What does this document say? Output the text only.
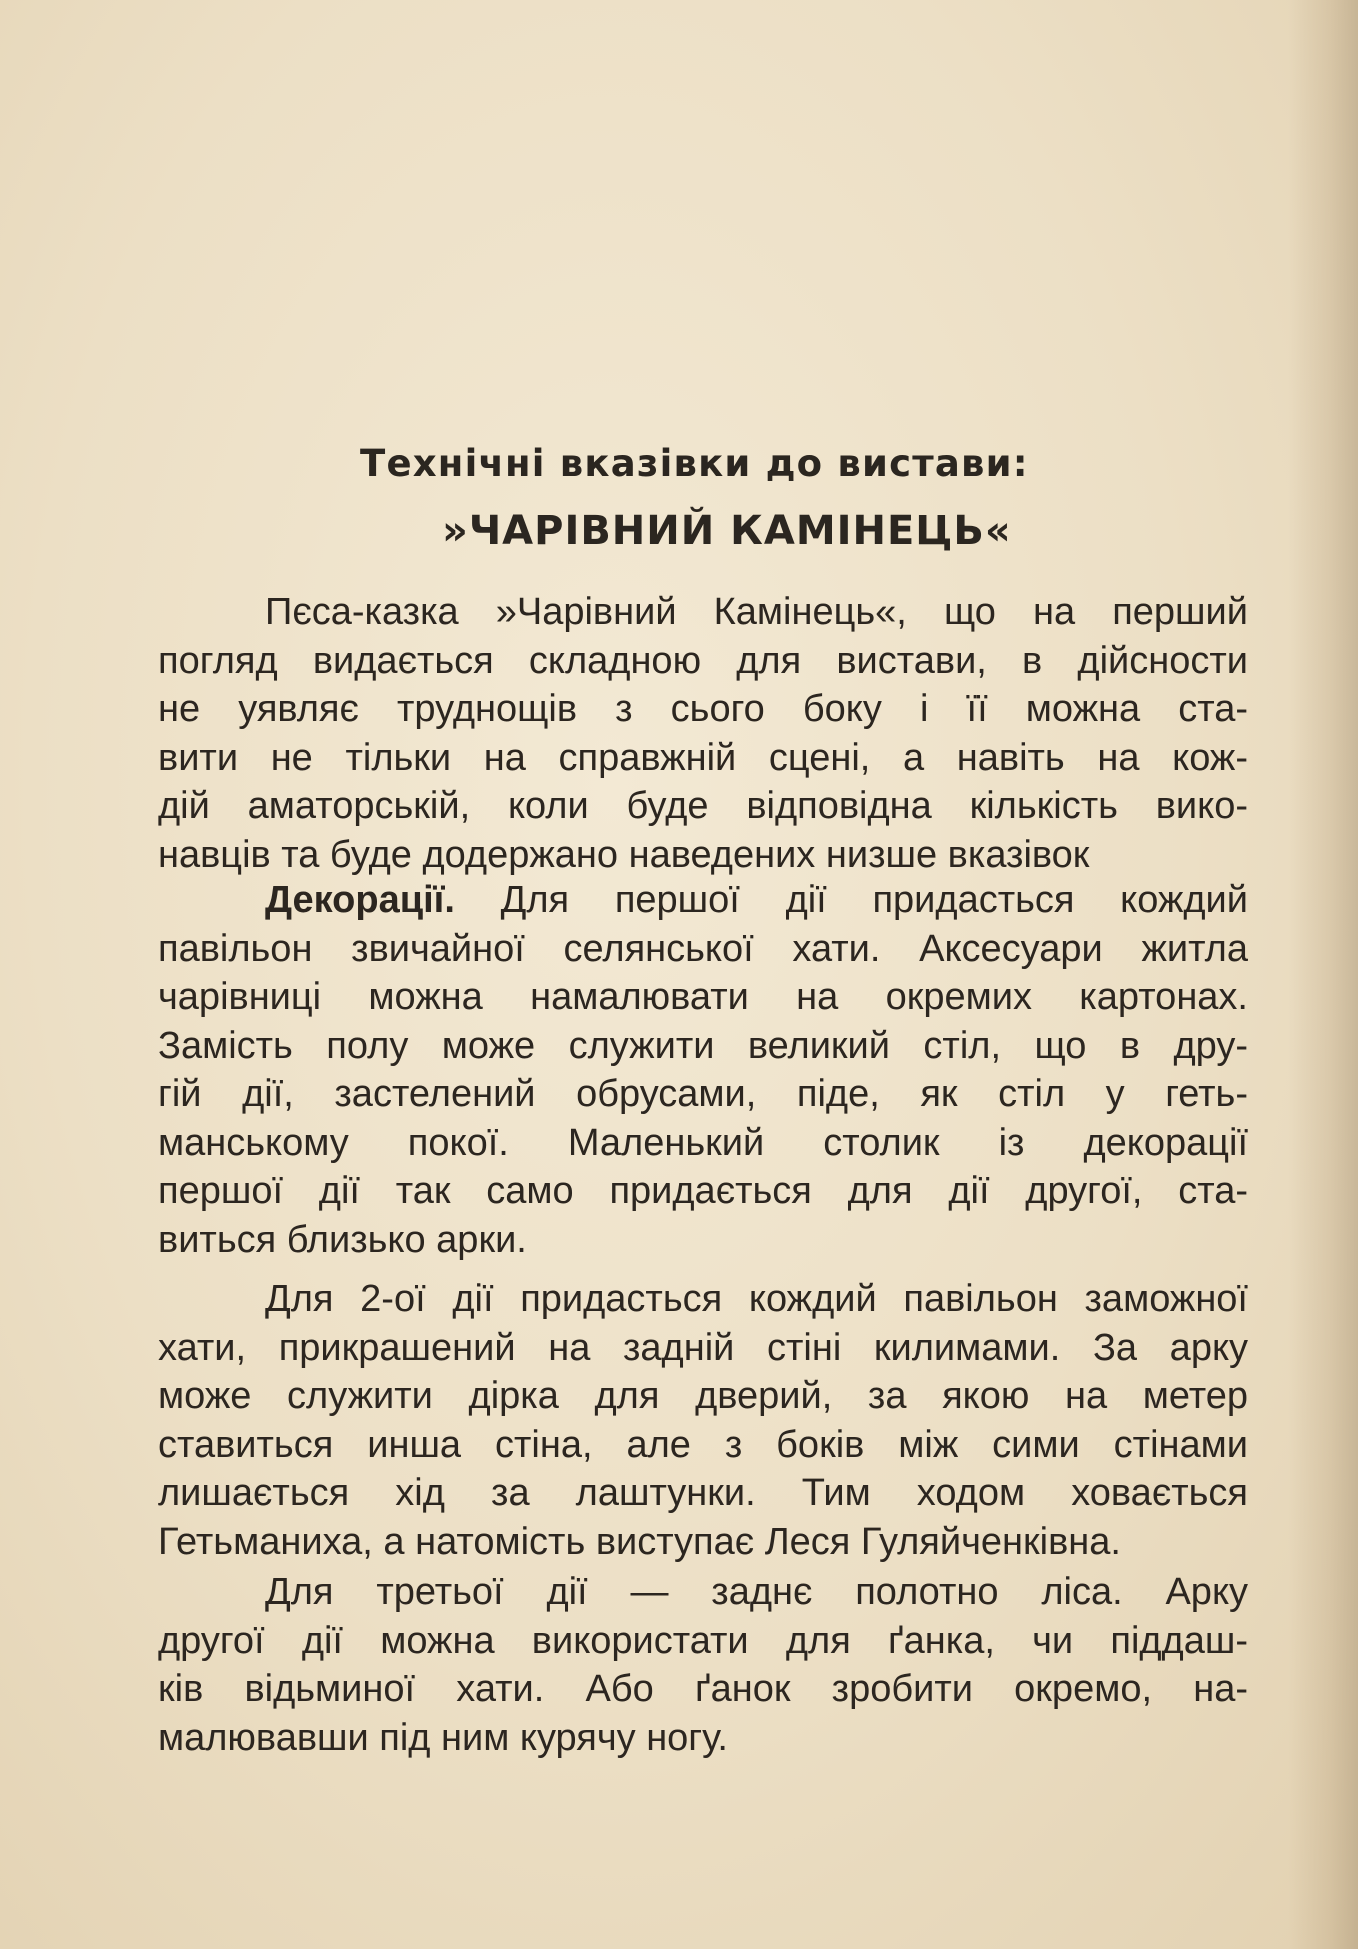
Технічні вказівки до вистави:
»ЧАРІВНИЙ КАМІНЕЦЬ«
Пєса-казка »Чарівний Камінець«, що на перший
погляд видається складною для вистави, в дійсности
не уявляє труднощів з сього боку і її можна ста-
вити не тільки на справжній сцені, а навіть на кож-
дій аматорській, коли буде відповідна кількість вико-
навців та буде додержано наведених низше вказівок
Декорації. Для першої дії придасться кождий
павільон звичайної селянської хати. Аксесуари житла
чарівниці можна намалювати на окремих картонах.
Замість полу може служити великий стіл, що в дру-
гій дії, застелений обрусами, піде, як стіл у геть-
манському покої. Маленький столик із декорації
першої дії так само придається для дії другої, ста-
виться близько арки.
Для 2-ої дії придасться кождий павільон заможної
хати, прикрашений на задній стіні килимами. За арку
може служити дірка для дверий, за якою на метер
ставиться инша стіна, але з боків між сими стінами
лишається хід за лаштунки. Тим ходом ховається
Гетьманиха, а натомість виступає Леся Гуляйченківна.
Для третьої дії — заднє полотно ліса. Арку
другої дії можна використати для ґанка, чи піддаш-
ків відьминої хати. Або ґанок зробити окремо, на-
малювавши під ним курячу ногу.
